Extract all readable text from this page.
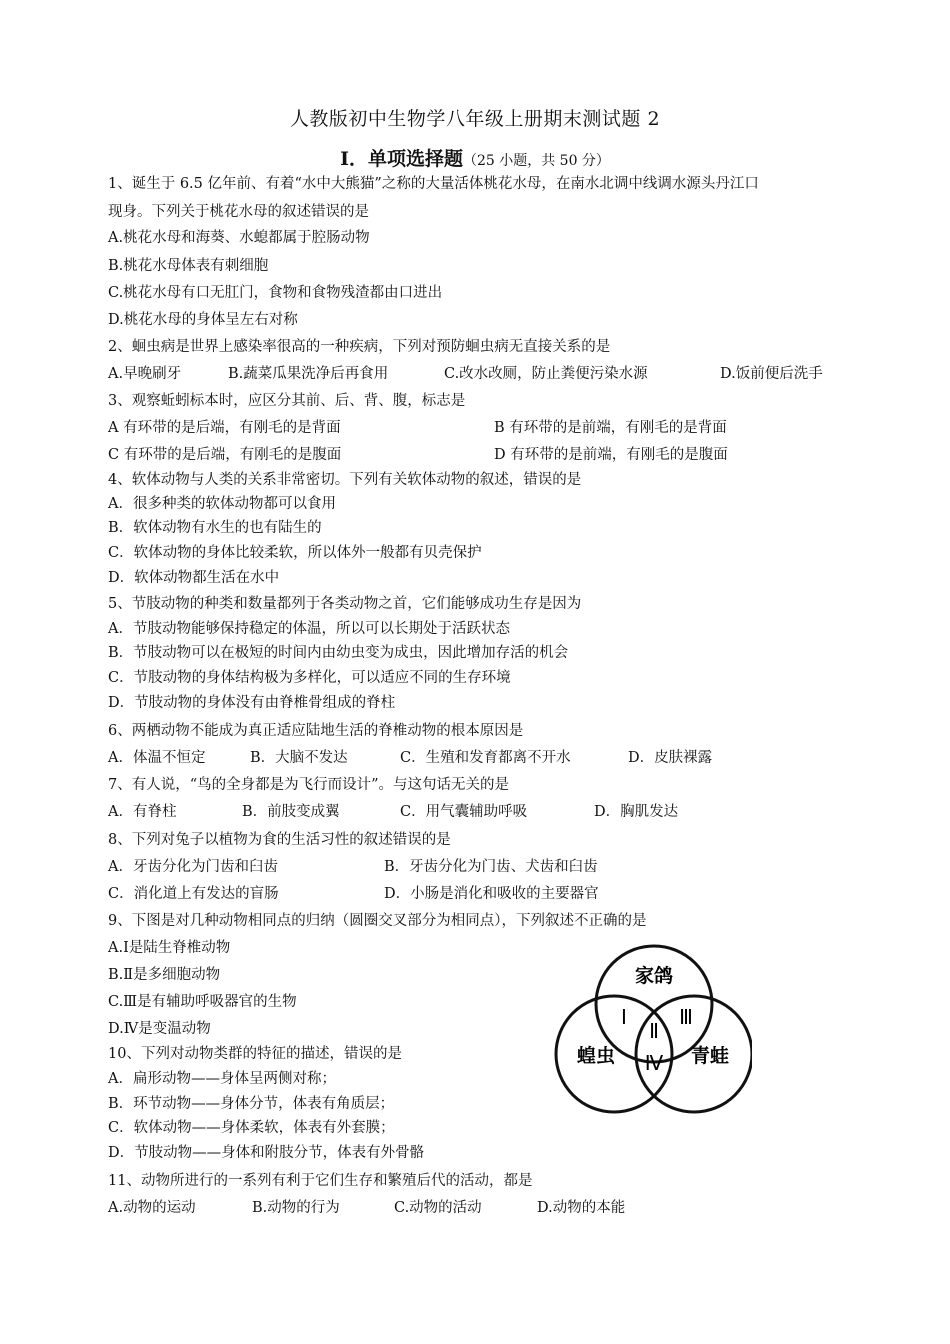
人教版初中生物学八年级上册期末测试题 2
Ⅰ．单项选择题（25 小题，共 50 分）
1、诞生于 6.5 亿年前、有着“水中大熊猫”之称的大量活体桃花水母，在南水北调中线调水源头丹江口
现身。下列关于桃花水母的叙述错误的是
A.桃花水母和海葵、水螅都属于腔肠动物
B.桃花水母体表有刺细胞
C.桃花水母有口无肛门，食物和食物残渣都由口进出
D.桃花水母的身体呈左右对称
2、蛔虫病是世界上感染率很高的一种疾病，下列对预防蛔虫病无直接关系的是
A.早晚刷牙	B.蔬菜瓜果洗净后再食用	C.改水改厕，防止粪便污染水源	D.饭前便后洗手
3、观察蚯蚓标本时，应区分其前、后、背、腹，标志是
A 有环带的是后端，有刚毛的是背面	B 有环带的是前端，有刚毛的是背面
C 有环带的是后端，有刚毛的是腹面	D 有环带的是前端，有刚毛的是腹面
4、软体动物与人类的关系非常密切。下列有关软体动物的叙述，错误的是
A．很多种类的软体动物都可以食用
B．软体动物有水生的也有陆生的
C．软体动物的身体比较柔软，所以体外一般都有贝壳保护
D．软体动物都生活在水中
5、节肢动物的种类和数量都列于各类动物之首，它们能够成功生存是因为
A．节肢动物能够保持稳定的体温，所以可以长期处于活跃状态
B．节肢动物可以在极短的时间内由幼虫变为成虫，因此增加存活的机会
C．节肢动物的身体结构极为多样化，可以适应不同的生存环境
D．节肢动物的身体没有由脊椎骨组成的脊柱
6、两栖动物不能成为真正适应陆地生活的脊椎动物的根本原因是
A．体温不恒定	B．大脑不发达	C．生殖和发育都离不开水	D．皮肤裸露
7、有人说，“鸟的全身都是为飞行而设计”。与这句话无关的是
A．有脊柱	B．前肢变成翼	C．用气囊辅助呼吸	D．胸肌发达
8、下列对兔子以植物为食的生活习性的叙述错误的是
A．牙齿分化为门齿和臼齿	B．牙齿分化为门齿、犬齿和臼齿
C．消化道上有发达的盲肠	D．小肠是消化和吸收的主要器官
9、下图是对几种动物相同点的归纳（圆圈交叉部分为相同点），下列叙述不正确的是
A.Ⅰ是陆生脊椎动物
B.Ⅱ是多细胞动物
C.Ⅲ是有辅助呼吸器官的生物
D.Ⅳ是变温动物
家鸽
蝗虫	青蛙
Ⅰ
Ⅱ
Ⅲ
Ⅳ
10、下列对动物类群的特征的描述，错误的是
A．扁形动物——身体呈两侧对称；
B．环节动物——身体分节，体表有角质层；
C．软体动物——身体柔软，体表有外套膜；
D．节肢动物——身体和附肢分节，体表有外骨骼
11、动物所进行的一系列有利于它们生存和繁殖后代的活动，都是
A.动物的运动	B.动物的行为	C.动物的活动	D.动物的本能
